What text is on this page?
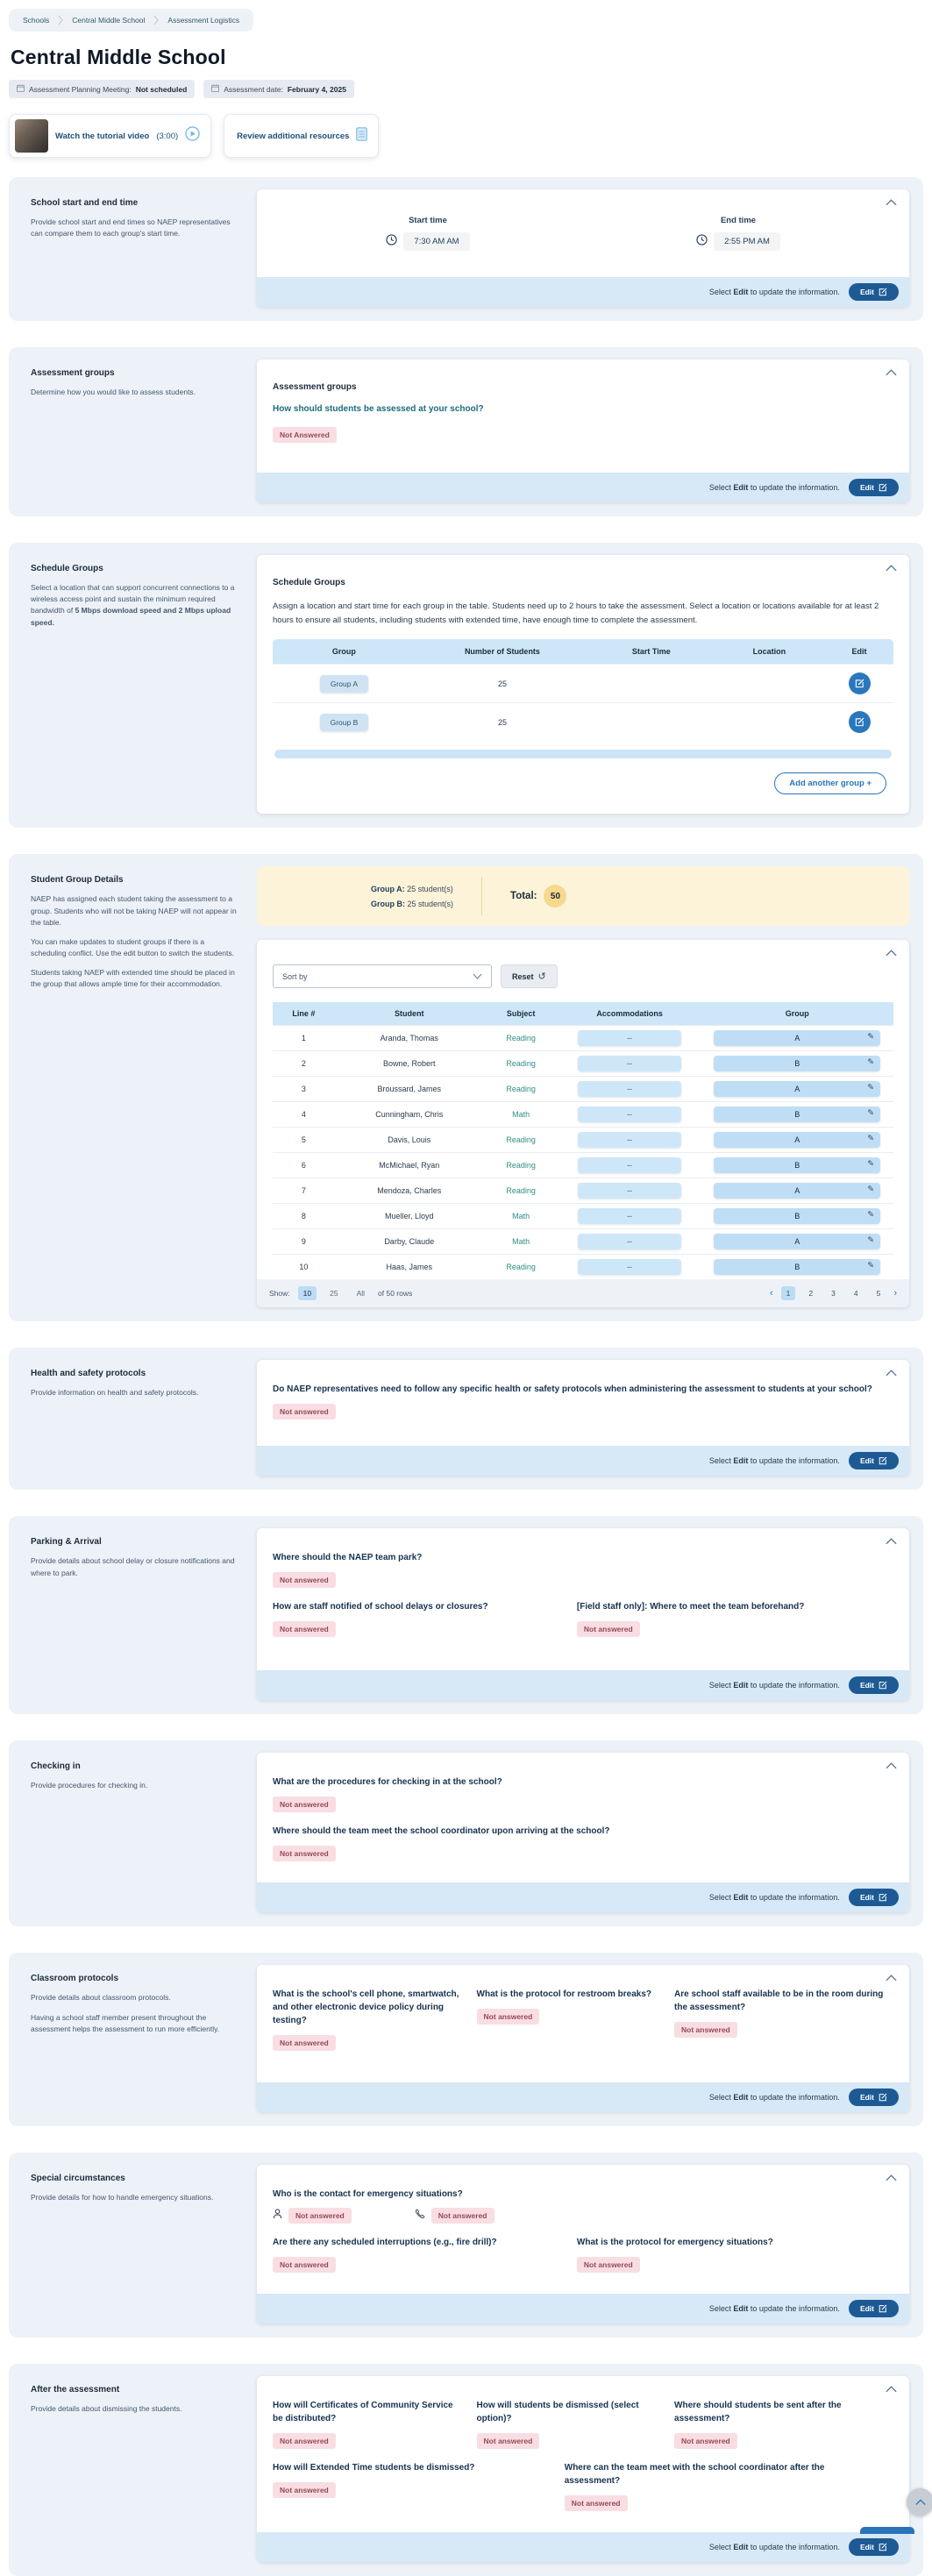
Schools	Central Middle School	Assessment Logistics
Central Middle School
Assessment Planning Meeting: Not scheduled	Assessment date: February 4, 2025
Watch the tutorial video (3:00)	Review additional resources
School start and end time

Provide school start and end times so NAEP representatives can compare them to each group's start time.

Start time
7:30 AM AM
End time
2:55 PM AM
Select Edit to update the information.	Edit
Assessment groups

Determine how you would like to assess students.	Assessment groups
How should students be assessed at your school?
Not Answered
Select Edit to update the information.	Edit
Schedule Groups

Select a location that can support concurrent connections to a wireless access point and sustain the minimum required bandwidth of 5 Mbps download speed and 2 Mbps upload speed.

Schedule Groups

Assign a location and start time for each group in the table. Students need up to 2 hours to take the assessment. Select a location or locations available for at least 2 hours to ensure all students, including students with extended time, have enough time to complete the assessment.

Group	Number of Students	Start Time	Location	Edit
Group A	25			

Group B	25			
Add another group +
Student Group Details

NAEP has assigned each student taking the assessment to a group. Students who will not be taking NAEP will not appear in the table.

You can make updates to student groups if there is a scheduling conflict. Use the edit button to switch the students.

Students taking NAEP with extended time should be placed in the group that allows ample time for their accommodation.

Group A: 25 student(s)
Group B: 25 student(s)
Total:	50
Sort by	Reset ↺
Line #	Student	Subject	Accommodations	Group
1	Aranda, Thomas	Reading	--	A ✎

2	Bowne, Robert	Reading	--	B ✎

3	Broussard, James	Reading	--	A ✎

4	Cunningham, Chris	Math	--	B ✎

5	Davis, Louis	Reading	--	A ✎

6	McMichael, Ryan	Reading	--	B ✎

7	Mendoza, Charles	Reading	--	A ✎

8	Mueller, Lloyd	Math	--	B ✎

9	Darby, Claude	Math	--	A ✎

10	Haas, James	Reading	--	B ✎
Show:	10	25	All	of 50 rows	‹	1	2	3	4	5	›
Health and safety protocols

Provide information on health and safety protocols.	Do NAEP representatives need to follow any specific health or safety protocols when administering the assessment to students at your school?
Not answered
Select Edit to update the information.	Edit
Parking & Arrival

Provide details about school delay or closure notifications and where to park.

Where should the NAEP team park?
Not answered
How are staff notified of school delays or closures?
Not answered
[Field staff only]: Where to meet the team beforehand?
Not answered
Select Edit to update the information.	Edit
Checking in

Provide procedures for checking in.	What are the procedures for checking in at the school?
Not answered
Where should the team meet the school coordinator upon arriving at the school?
Not answered
Select Edit to update the information.	Edit
Classroom protocols

Provide details about classroom protocols.

Having a school staff member present throughout the assessment helps the assessment to run more efficiently.

What is the school's cell phone, smartwatch, and other electronic device policy during testing?
Not answered
What is the protocol for restroom breaks?
Not answered
Are school staff available to be in the room during the assessment?
Not answered
Select Edit to update the information.	Edit
Special circumstances

Provide details for how to handle emergency situations.	Who is the contact for emergency situations?
Not answered	Not answered
Are there any scheduled interruptions (e.g., fire drill)?
Not answered
What is the protocol for emergency situations?
Not answered
Select Edit to update the information.	Edit
After the assessment

Provide details about dismissing the students.	How will Certificates of Community Service be distributed?
Not answered
How will students be dismissed (select option)?
Not answered
Where should students be sent after the assessment?
Not answered
How will Extended Time students be dismissed?
Not answered
Where can the team meet with the school coordinator after the assessment?
Not answered
Select Edit to update the information.	Edit
